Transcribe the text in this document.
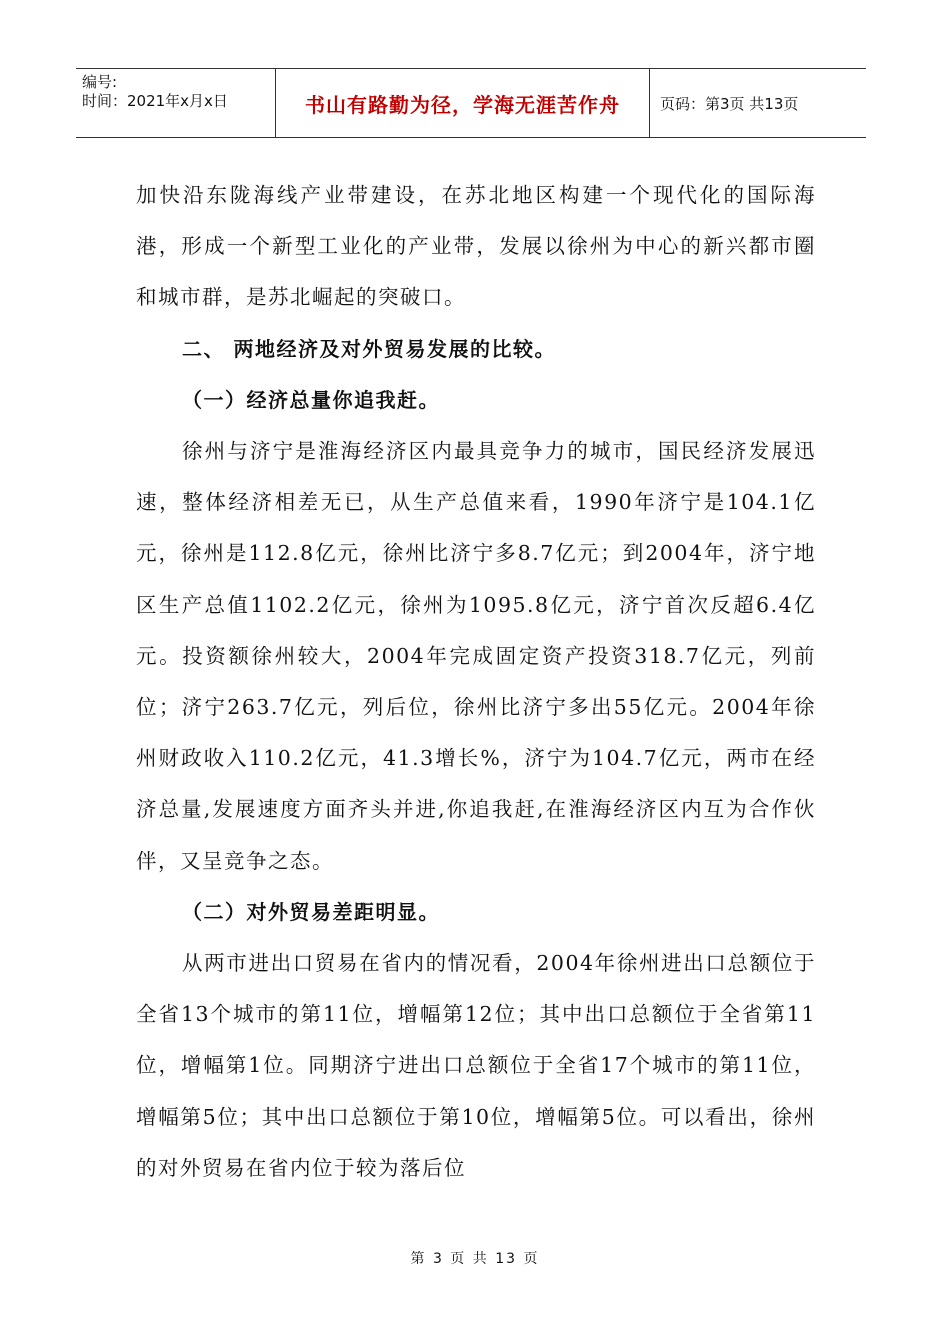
编号:
时间：2021年x月x日	书山有路勤为径，学海无涯苦作舟	页码：第3页 共13页

加快沿东陇海线产业带建设，在苏北地区构建一个现代化的国际海港，形成一个新型工业化的产业带，发展以徐州为中心的新兴都市圈和城市群，是苏北崛起的突破口。

二、 两地经济及对外贸易发展的比较。

（一）经济总量你追我赶。

徐州与济宁是淮海经济区内最具竞争力的城市，国民经济发展迅速，整体经济相差无已，从生产总值来看，1990年济宁是104.1亿元，徐州是112.8亿元，徐州比济宁多8.7亿元；到2004年，济宁地区生产总值1102.2亿元，徐州为1095.8亿元，济宁首次反超6.4亿元。投资额徐州较大，2004年完成固定资产投资318.7亿元，列前位；济宁263.7亿元，列后位，徐州比济宁多出55亿元。2004年徐州财政收入110.2亿元，41.3增长%，济宁为104.7亿元，两市在经济总量,发展速度方面齐头并进,你追我赶,在淮海经济区内互为合作伙伴，又呈竞争之态。

（二）对外贸易差距明显。

从两市进出口贸易在省内的情况看，2004年徐州进出口总额位于全省13个城市的第11位，增幅第12位；其中出口总额位于全省第11位，增幅第1位。同期济宁进出口总额位于全省17个城市的第11位，增幅第5位；其中出口总额位于第10位，增幅第5位。可以看出，徐州的对外贸易在省内位于较为落后位

第 3 页 共 13 页
